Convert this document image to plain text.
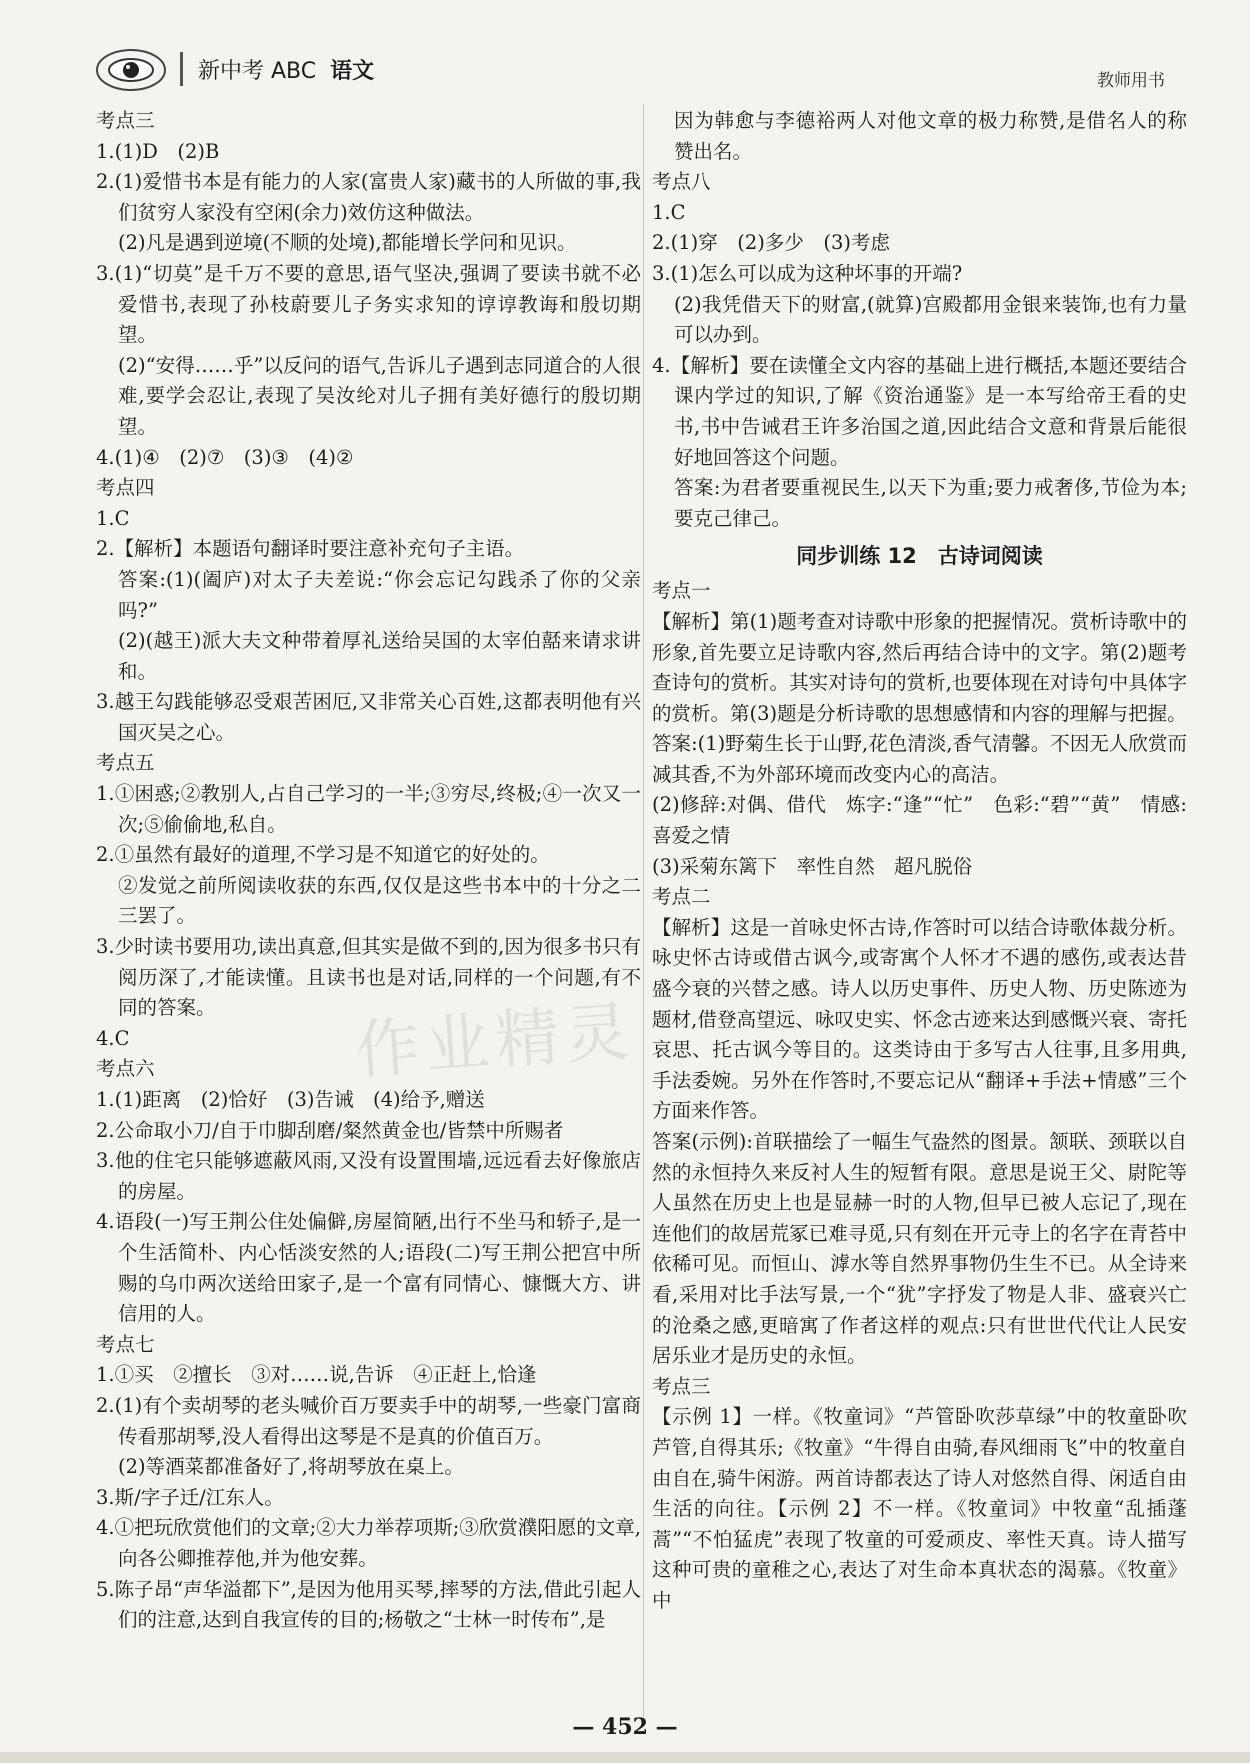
新中考 ABC 语文	教师用书

考点三

1.(1)D　(2)B

2.(1)爱惜书本是有能力的人家(富贵人家)藏书的人所做的事,我们贫穷人家没有空闲(余力)效仿这种做法。

(2)凡是遇到逆境(不顺的处境),都能增长学问和见识。

3.(1)“切莫”是千万不要的意思,语气坚决,强调了要读书就不必爱惜书,表现了孙枝蔚要儿子务实求知的谆谆教诲和殷切期望。

(2)“安得……乎”以反问的语气,告诉儿子遇到志同道合的人很难,要学会忍让,表现了吴汝纶对儿子拥有美好德行的殷切期望。

4.(1)④　(2)⑦　(3)③　(4)②

考点四

1.C

2.【解析】本题语句翻译时要注意补充句子主语。

答案:(1)(阖庐)对太子夫差说:“你会忘记勾践杀了你的父亲吗?”

(2)(越王)派大夫文种带着厚礼送给吴国的太宰伯嚭来请求讲和。

3.越王勾践能够忍受艰苦困厄,又非常关心百姓,这都表明他有兴国灭吴之心。

考点五

1.①困惑;②教别人,占自己学习的一半;③穷尽,终极;④一次又一次;⑤偷偷地,私自。

2.①虽然有最好的道理,不学习是不知道它的好处的。

②发觉之前所阅读收获的东西,仅仅是这些书本中的十分之二三罢了。

3.少时读书要用功,读出真意,但其实是做不到的,因为很多书只有阅历深了,才能读懂。且读书也是对话,同样的一个问题,有不同的答案。

4.C

考点六

1.(1)距离　(2)恰好　(3)告诫　(4)给予,赠送

2.公命取小刀/自于巾脚刮磨/粲然黄金也/皆禁中所赐者

3.他的住宅只能够遮蔽风雨,又没有设置围墙,远远看去好像旅店的房屋。

4.语段(一)写王荆公住处偏僻,房屋简陋,出行不坐马和轿子,是一个生活简朴、内心恬淡安然的人;语段(二)写王荆公把宫中所赐的乌巾两次送给田家子,是一个富有同情心、慷慨大方、讲信用的人。

考点七

1.①买　②擅长　③对……说,告诉　④正赶上,恰逢

2.(1)有个卖胡琴的老头喊价百万要卖手中的胡琴,一些豪门富商传看那胡琴,没人看得出这琴是不是真的价值百万。

(2)等酒菜都准备好了,将胡琴放在桌上。

3.斯/字子迁/江东人。

4.①把玩欣赏他们的文章;②大力举荐项斯;③欣赏濮阳愿的文章,向各公卿推荐他,并为他安葬。

5.陈子昂“声华溢都下”,是因为他用买琴,摔琴的方法,借此引起人们的注意,达到自我宣传的目的;杨敬之“士林一时传布”,是

因为韩愈与李德裕两人对他文章的极力称赞,是借名人的称赞出名。

考点八

1.C

2.(1)穿　(2)多少　(3)考虑

3.(1)怎么可以成为这种坏事的开端?

(2)我凭借天下的财富,(就算)宫殿都用金银来装饰,也有力量可以办到。

4.【解析】要在读懂全文内容的基础上进行概括,本题还要结合课内学过的知识,了解《资治通鉴》是一本写给帝王看的史书,书中告诫君王许多治国之道,因此结合文意和背景后能很好地回答这个问题。

答案:为君者要重视民生,以天下为重;要力戒奢侈,节俭为本;要克己律己。

同步训练 12　古诗词阅读

考点一

【解析】第(1)题考查对诗歌中形象的把握情况。赏析诗歌中的形象,首先要立足诗歌内容,然后再结合诗中的文字。第(2)题考查诗句的赏析。其实对诗句的赏析,也要体现在对诗句中具体字的赏析。第(3)题是分析诗歌的思想感情和内容的理解与把握。

答案:(1)野菊生长于山野,花色清淡,香气清馨。不因无人欣赏而减其香,不为外部环境而改变内心的高洁。

(2)修辞:对偶、借代　炼字:“逢”“忙”　色彩:“碧”“黄”　情感:喜爱之情

(3)采菊东篱下　率性自然　超凡脱俗

考点二

【解析】这是一首咏史怀古诗,作答时可以结合诗歌体裁分析。咏史怀古诗或借古讽今,或寄寓个人怀才不遇的感伤,或表达昔盛今衰的兴替之感。诗人以历史事件、历史人物、历史陈迹为题材,借登高望远、咏叹史实、怀念古迹来达到感慨兴衰、寄托哀思、托古讽今等目的。这类诗由于多写古人往事,且多用典,手法委婉。另外在作答时,不要忘记从“翻译+手法+情感”三个方面来作答。

答案(示例):首联描绘了一幅生气盎然的图景。颔联、颈联以自然的永恒持久来反衬人生的短暂有限。意思是说王父、尉陀等人虽然在历史上也是显赫一时的人物,但早已被人忘记了,现在连他们的故居荒冢已难寻觅,只有刻在开元寺上的名字在青苔中依稀可见。而恒山、滹水等自然界事物仍生生不已。从全诗来看,采用对比手法写景,一个“犹”字抒发了物是人非、盛衰兴亡的沧桑之感,更暗寓了作者这样的观点:只有世世代代让人民安居乐业才是历史的永恒。

考点三

【示例 1】一样。《牧童词》“芦管卧吹莎草绿”中的牧童卧吹芦管,自得其乐;《牧童》“牛得自由骑,春风细雨飞”中的牧童自由自在,骑牛闲游。两首诗都表达了诗人对悠然自得、闲适自由生活的向往。【示例 2】不一样。《牧童词》中牧童“乱插蓬蒿”“不怕猛虎”表现了牧童的可爱顽皮、率性天真。诗人描写这种可贵的童稚之心,表达了对生命本真状态的渴慕。《牧童》中

作业精灵
— 452 —
